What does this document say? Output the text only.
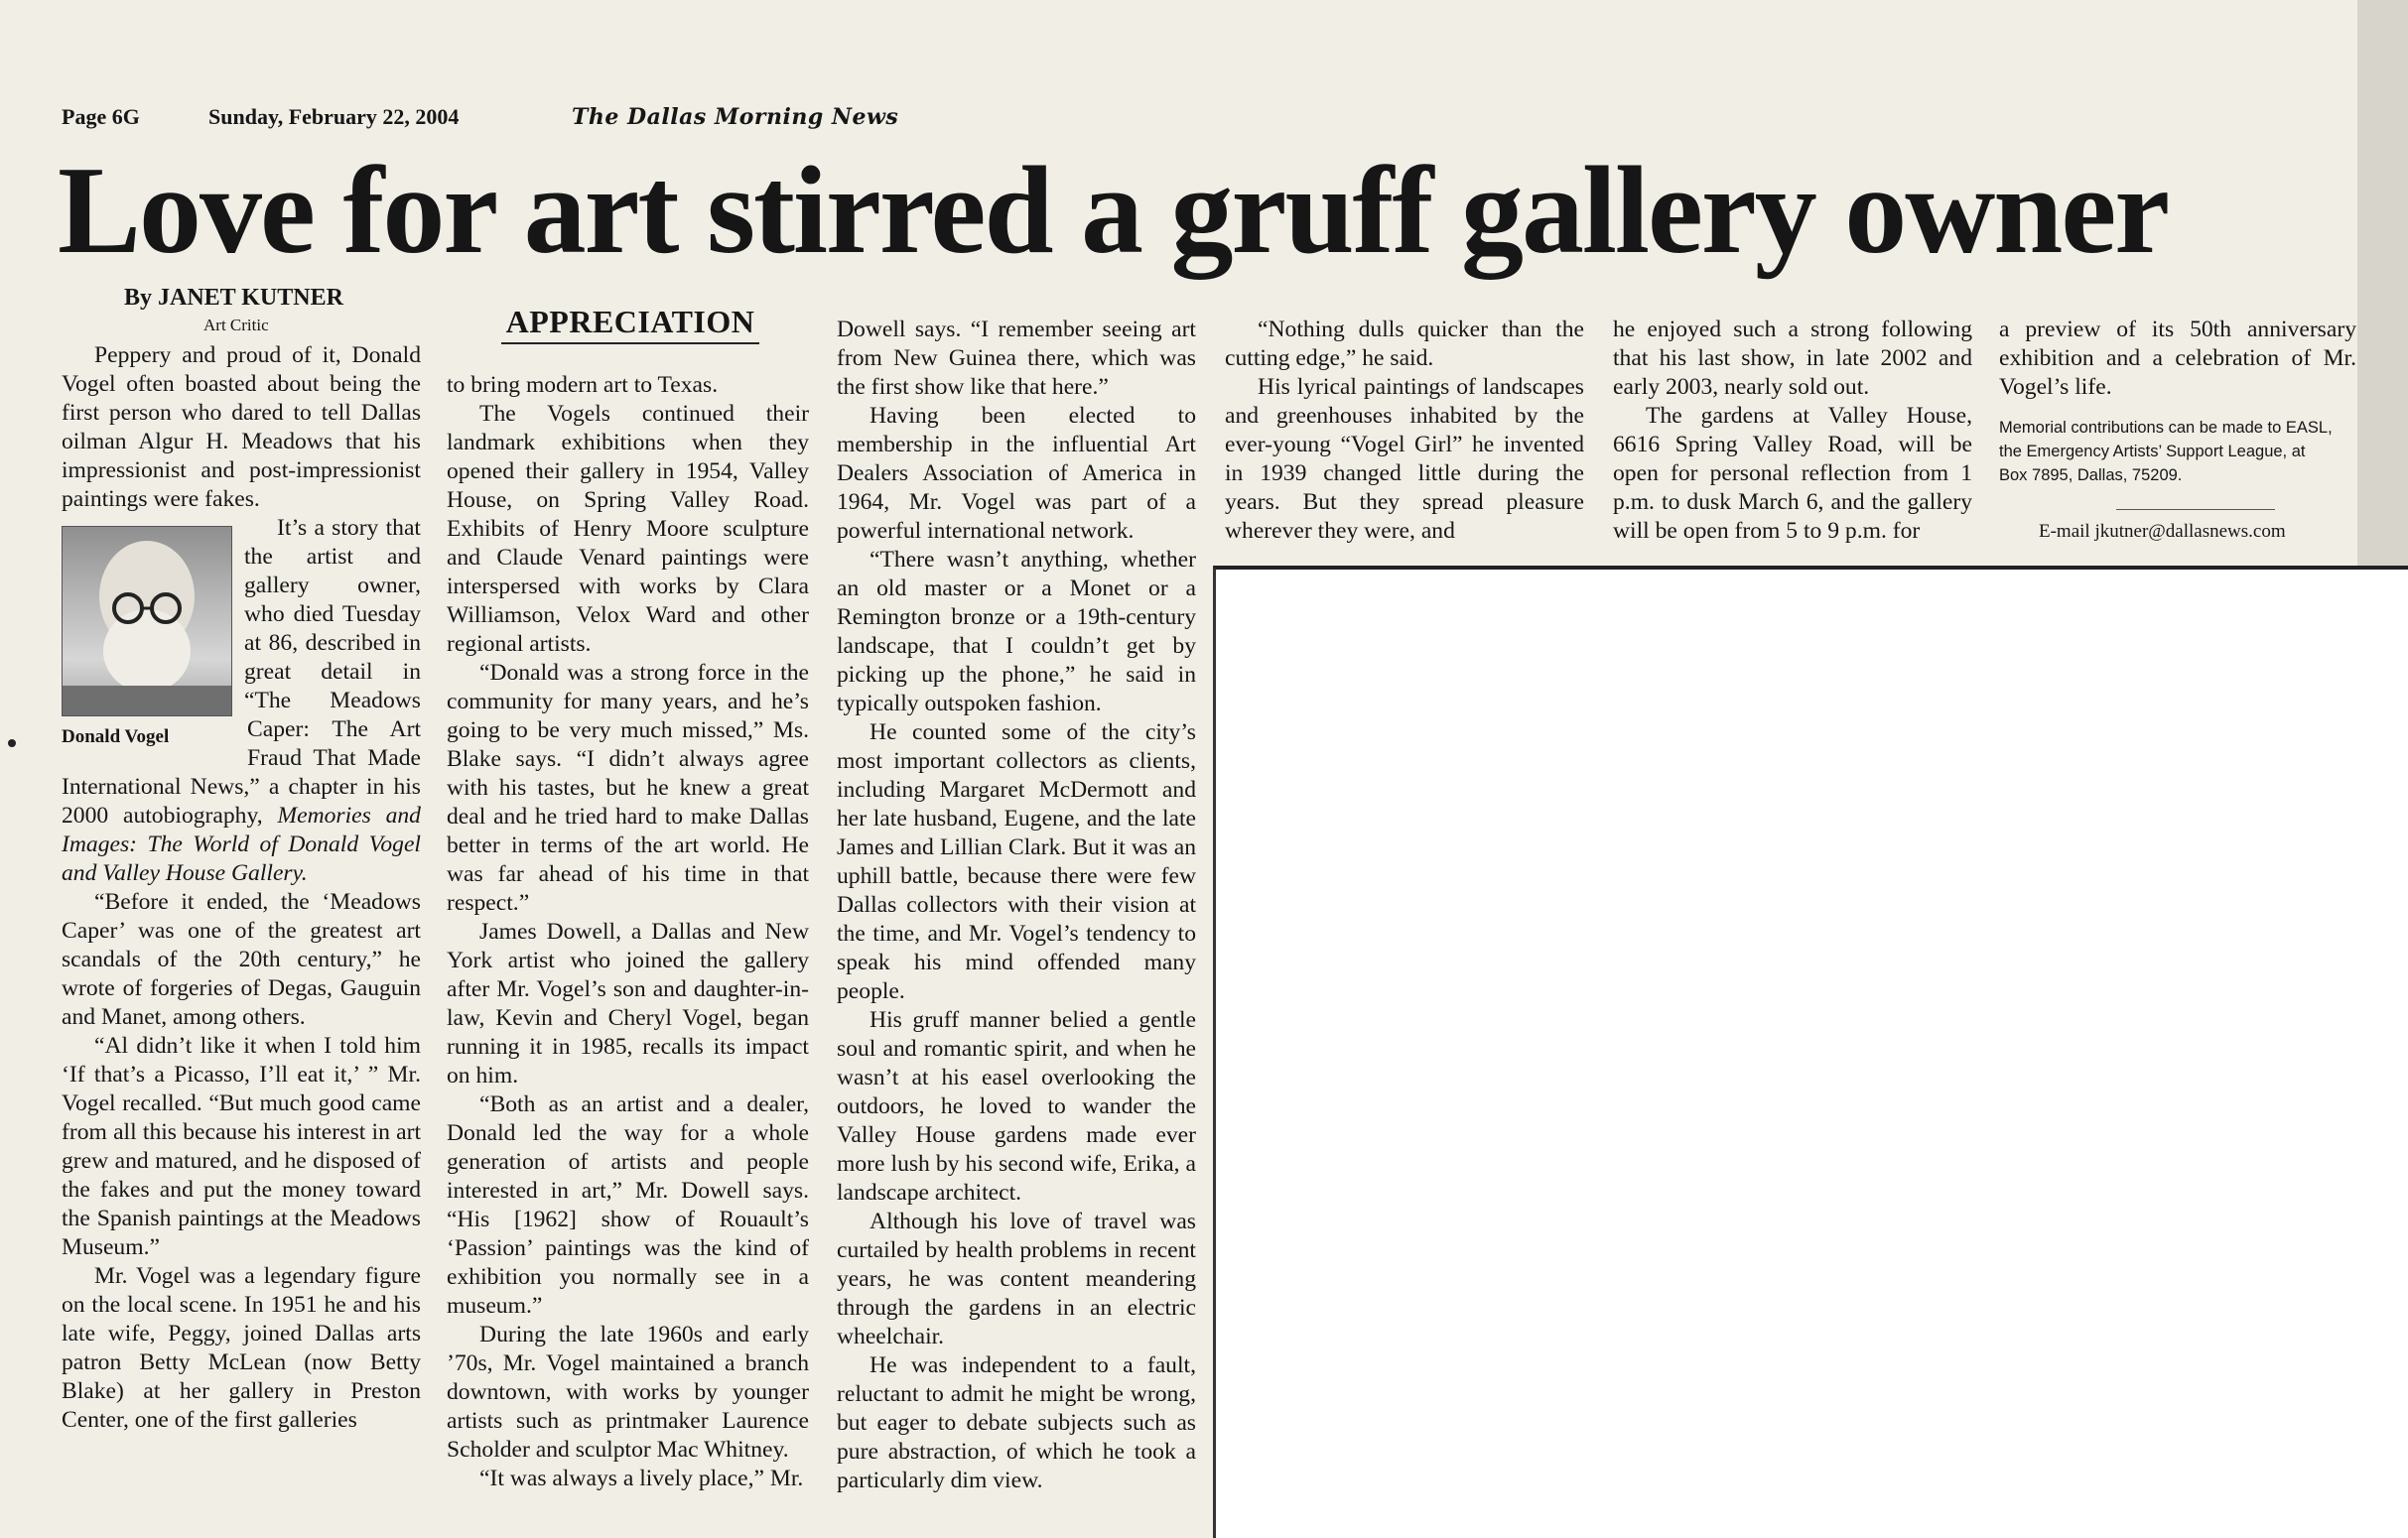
Page 6G	Sunday, February 22, 2004	The Dallas Morning News
Love for art stirred a gruff gallery owner
By JANET KUTNER
Art Critic	APPRECIATION

Peppery and proud of it, Donald Vogel often boasted about being the first person who dared to tell Dallas oilman Algur H. Meadows that his impressionist and post-impressionist paintings were fakes.

Donald Vogel

It’s a story that the artist and gallery owner, who died Tuesday at 86, described in great detail in “The Meadows Caper: The Art Fraud That Made International News,” a chapter in his 2000 autobiography, Memories and Images: The World of Donald Vogel and Valley House Gallery.

“Before it ended, the ‘Meadows Caper’ was one of the greatest art scandals of the 20th century,” he wrote of forgeries of Degas, Gauguin and Manet, among others.

“Al didn’t like it when I told him ‘If that’s a Picasso, I’ll eat it,’ ” Mr. Vogel recalled. “But much good came from all this because his interest in art grew and matured, and he disposed of the fakes and put the money toward the Spanish paintings at the Meadows Museum.”

Mr. Vogel was a legendary figure on the local scene. In 1951 he and his late wife, Peggy, joined Dallas arts patron Betty McLean (now Betty Blake) at her gallery in Preston Center, one of the first galleries

to bring modern art to Texas.

The Vogels continued their landmark exhibitions when they opened their gallery in 1954, Valley House, on Spring Valley Road. Exhibits of Henry Moore sculpture and Claude Venard paintings were interspersed with works by Clara Williamson, Velox Ward and other regional artists.

“Donald was a strong force in the community for many years, and he’s going to be very much missed,” Ms. Blake says. “I didn’t always agree with his tastes, but he knew a great deal and he tried hard to make Dallas better in terms of the art world. He was far ahead of his time in that respect.”

James Dowell, a Dallas and New York artist who joined the gallery after Mr. Vogel’s son and daughter-in-law, Kevin and Cheryl Vogel, began running it in 1985, recalls its impact on him.

“Both as an artist and a dealer, Donald led the way for a whole generation of artists and people interested in art,” Mr. Dowell says. “His [1962] show of Rouault’s ‘Passion’ paintings was the kind of exhibition you normally see in a museum.”

During the late 1960s and early ’70s, Mr. Vogel maintained a branch downtown, with works by younger artists such as printmaker Laurence Scholder and sculptor Mac Whitney.

“It was always a lively place,” Mr.

Dowell says. “I remember seeing art from New Guinea there, which was the first show like that here.”

Having been elected to membership in the influential Art Dealers Association of America in 1964, Mr. Vogel was part of a powerful international network.

“There wasn’t anything, whether an old master or a Monet or a Remington bronze or a 19th-century landscape, that I couldn’t get by picking up the phone,” he said in typically outspoken fashion.

He counted some of the city’s most important collectors as clients, including Margaret McDermott and her late husband, Eugene, and the late James and Lillian Clark. But it was an uphill battle, because there were few Dallas collectors with their vision at the time, and Mr. Vogel’s tendency to speak his mind offended many people.

His gruff manner belied a gentle soul and romantic spirit, and when he wasn’t at his easel overlooking the outdoors, he loved to wander the Valley House gardens made ever more lush by his second wife, Erika, a landscape architect.

Although his love of travel was curtailed by health problems in recent years, he was content meandering through the gardens in an electric wheelchair.

He was independent to a fault, reluctant to admit he might be wrong, but eager to debate subjects such as pure abstraction, of which he took a particularly dim view.

“Nothing dulls quicker than the cutting edge,” he said.

His lyrical paintings of landscapes and greenhouses inhabited by the ever-young “Vogel Girl” he invented in 1939 changed little during the years. But they spread pleasure wherever they were, and

he enjoyed such a strong following that his last show, in late 2002 and early 2003, nearly sold out.

The gardens at Valley House, 6616 Spring Valley Road, will be open for personal reflection from 1 p.m. to dusk March 6, and the gallery will be open from 5 to 9 p.m. for

a preview of its 50th anniversary exhibition and a celebration of Mr. Vogel’s life.

Memorial contributions can be made to EASL, the Emergency Artists’ Support League, at Box 7895, Dallas, 75209.
E-mail jkutner@dallasnews.com
